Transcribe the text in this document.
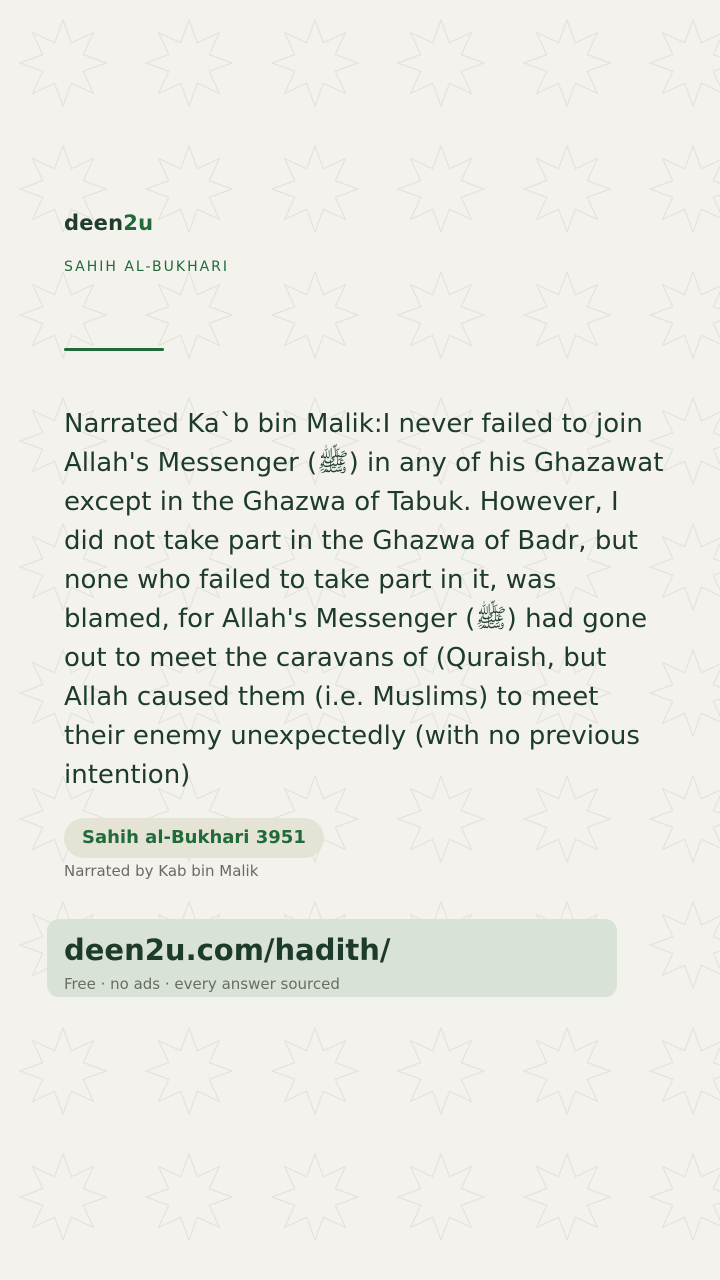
deen2u
SAHIH AL-BUKHARI

Narrated Ka`b bin Malik:I never failed to join Allah's Messenger (ﷺ) in any of his Ghazawat except in the Ghazwa of Tabuk. However, I did not take part in the Ghazwa of Badr, but none who failed to take part in it, was blamed, for Allah's Messenger (ﷺ) had gone out to meet the caravans of (Quraish, but Allah caused them (i.e. Muslims) to meet their enemy unexpectedly (with no previous intention)

Sahih al-Bukhari 3951
Narrated by Kab bin Malik
deen2u.com/hadith/
Free · no ads · every answer sourced
